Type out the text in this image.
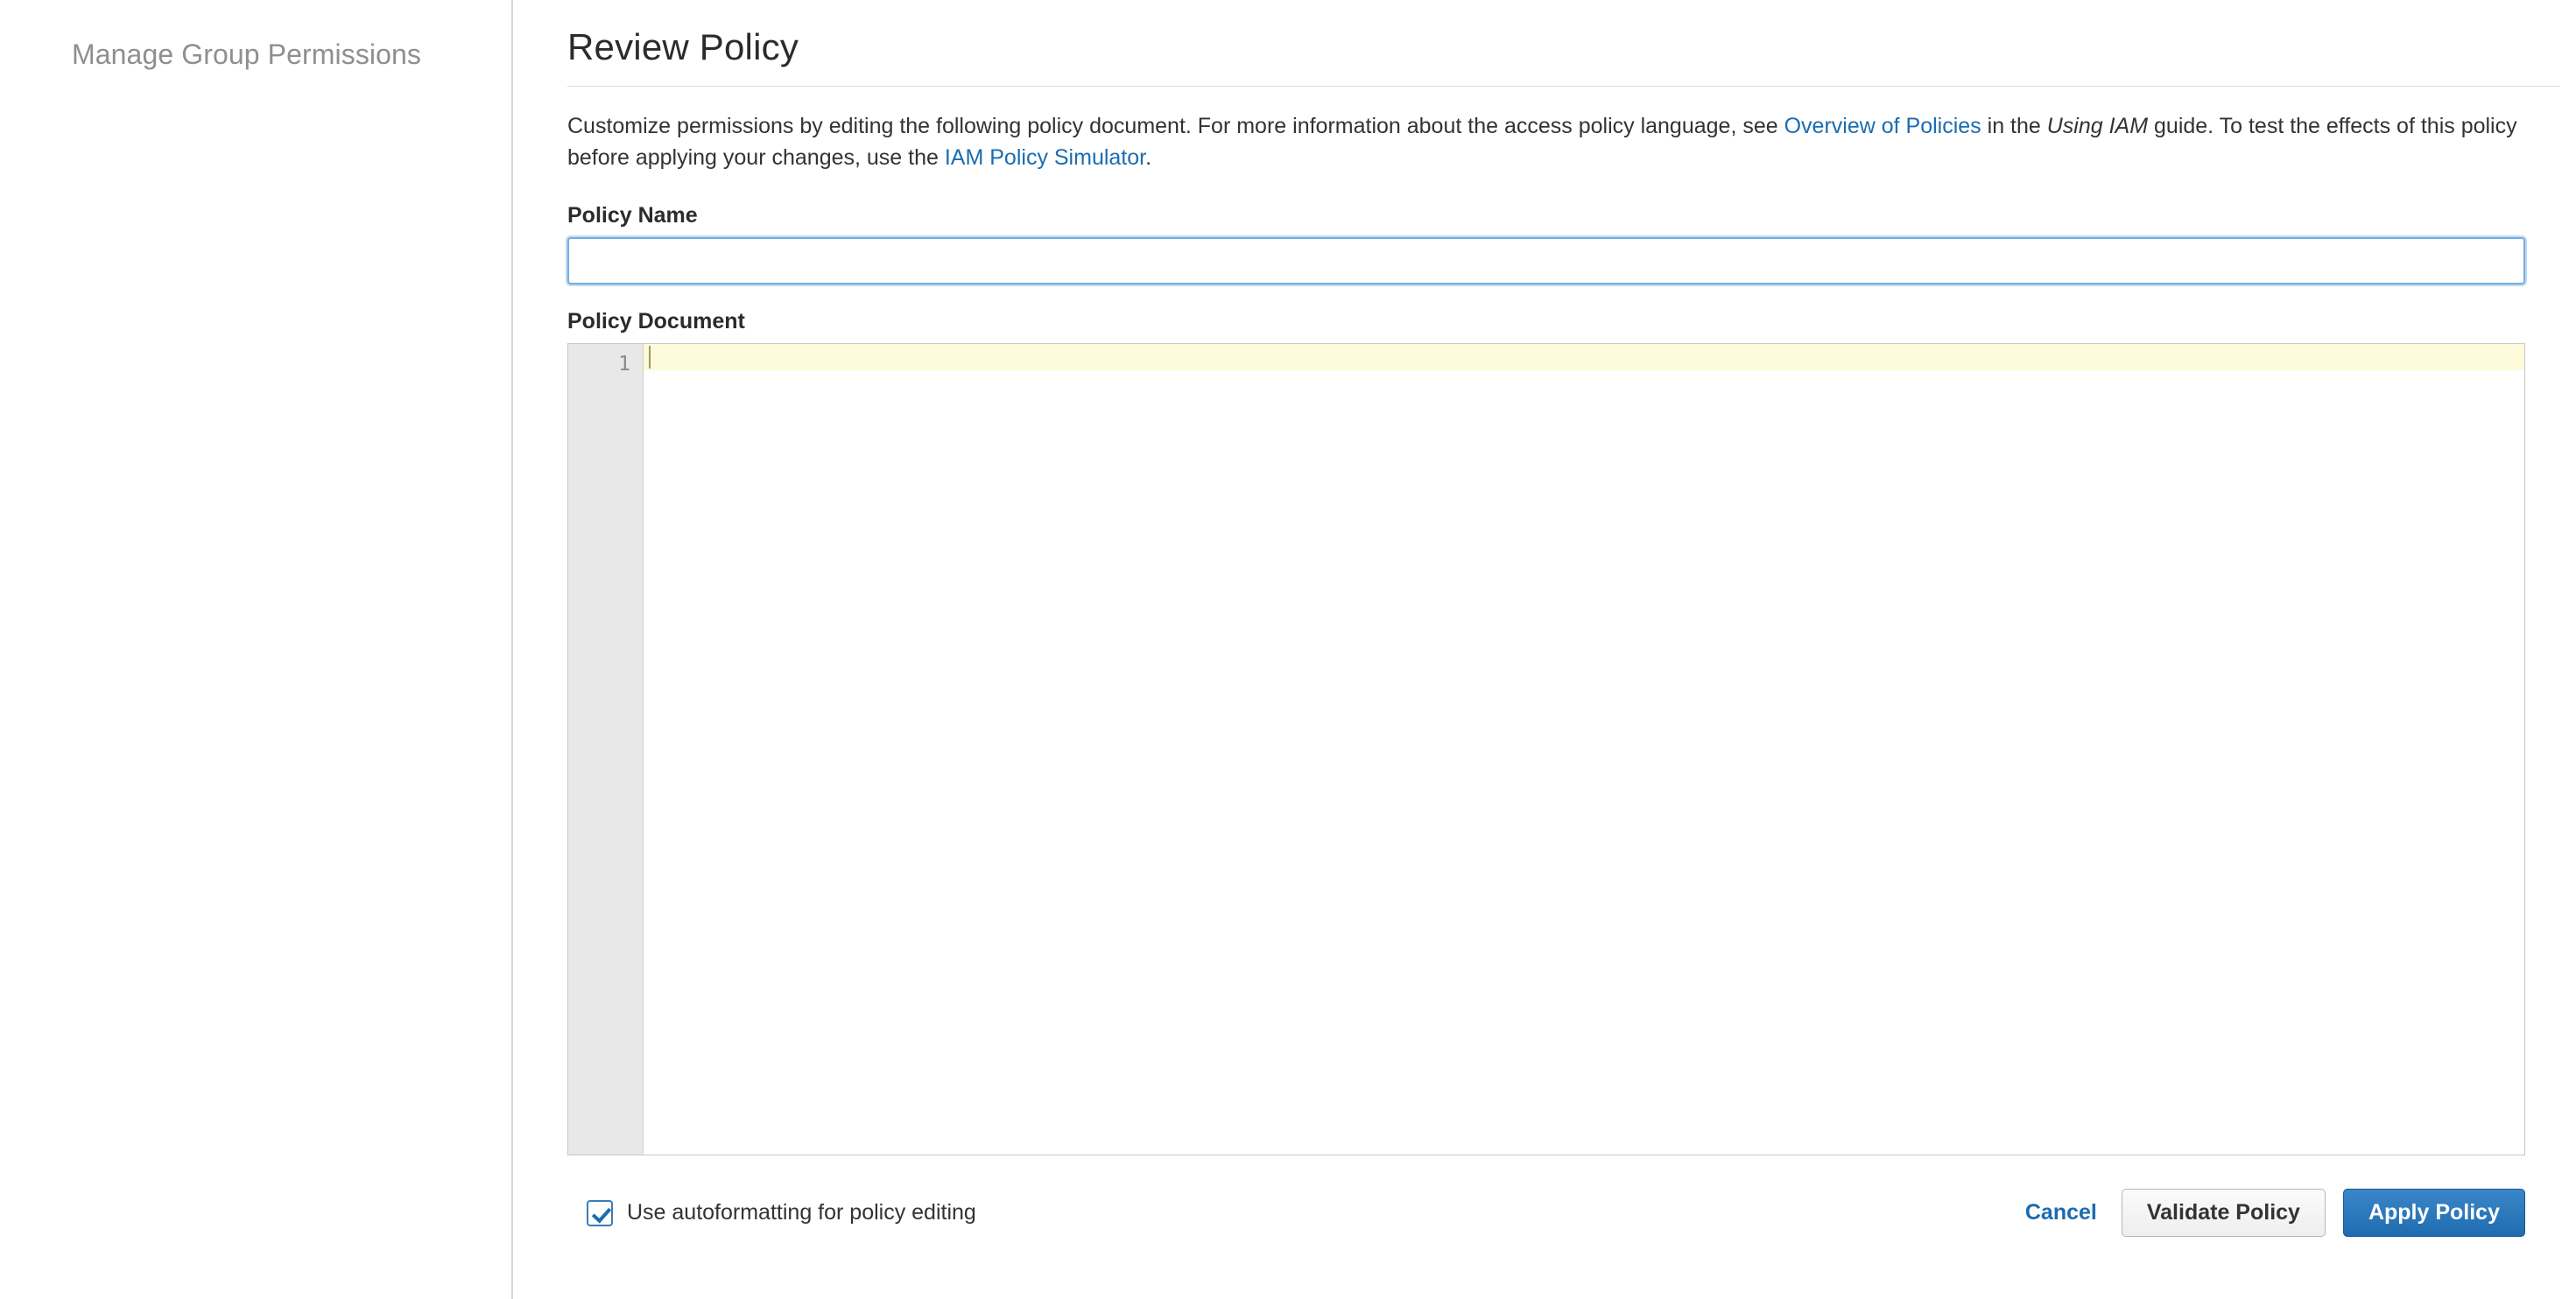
Manage Group Permissions	Review Policy

Customize permissions by editing the following policy document. For more information about the access policy language, see Overview of Policies in the Using IAM guide. To test the effects of this policy before applying your changes, use the IAM Policy Simulator.

Policy Name
Policy Document
1
Use autoformatting for policy editing	Cancel	Validate Policy	Apply Policy
